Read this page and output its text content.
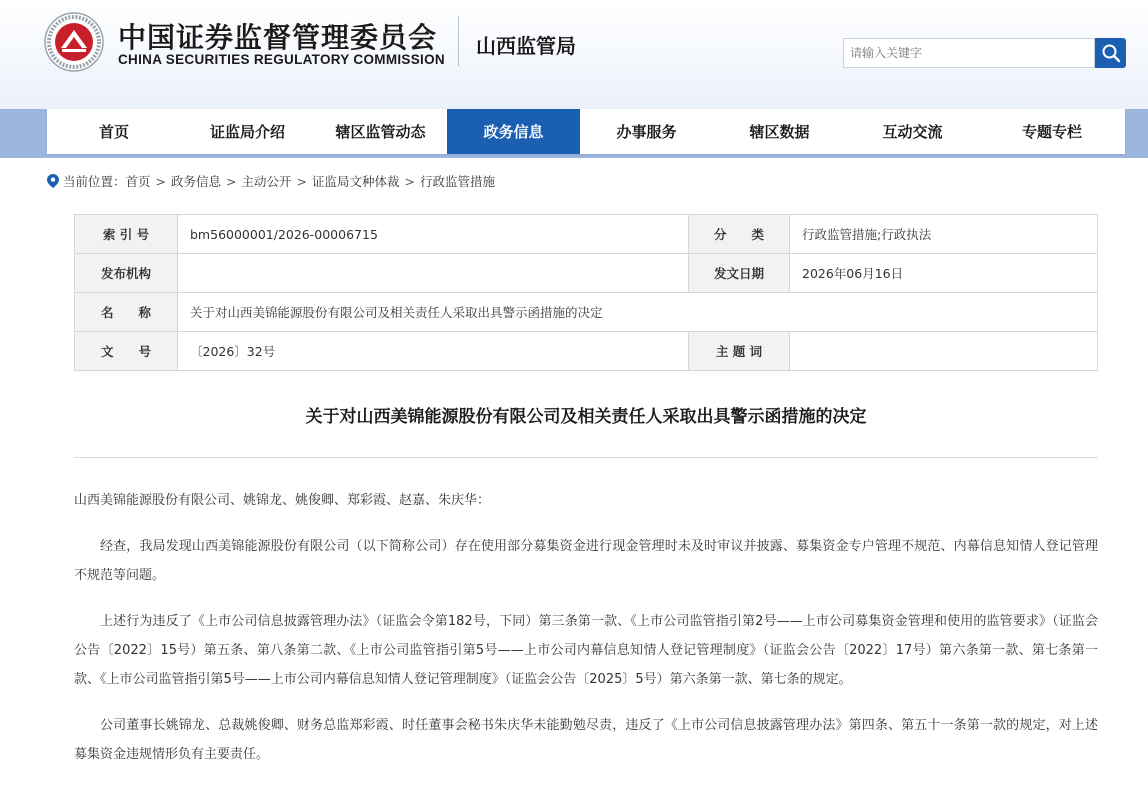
中国证券监督管理委员会
CHINA SECURITIES REGULATORY COMMISSION
山西监管局
请输入关键字
首页	证监局介绍	辖区监管动态	政务信息	办事服务	辖区数据	互动交流	专题专栏
当前位置： 首页 > 政务信息 > 主动公开 > 证监局文种体裁 > 行政监管措施
索 引 号	bm56000001/2026-00006715	分　　类	行政监管措施;行政执法
发布机构		发文日期	2026年06月16日
名　　称	关于对山西美锦能源股份有限公司及相关责任人采取出具警示函措施的决定		
文　　号	〔2026〕32号	主 题 词	
关于对山西美锦能源股份有限公司及相关责任人采取出具警示函措施的决定

山西美锦能源股份有限公司、姚锦龙、姚俊卿、郑彩霞、赵嘉、朱庆华：

经查，我局发现山西美锦能源股份有限公司（以下简称公司）存在使用部分募集资金进行现金管理时未及时审议并披露、募集资金专户管理不规范、内幕信息知情人登记管理不规范等问题。

上述行为违反了《上市公司信息披露管理办法》（证监会令第182号，下同）第三条第一款、《上市公司监管指引第2号——上市公司募集资金管理和使用的监管要求》（证监会公告〔2022〕15号）第五条、第八条第二款、《上市公司监管指引第5号——上市公司内幕信息知情人登记管理制度》（证监会公告〔2022〕17号）第六条第一款、第七条第一款、《上市公司监管指引第5号——上市公司内幕信息知情人登记管理制度》（证监会公告〔2025〕5号）第六条第一款、第七条的规定。

公司董事长姚锦龙、总裁姚俊卿、财务总监郑彩霞、时任董事会秘书朱庆华未能勤勉尽责，违反了《上市公司信息披露管理办法》第四条、第五十一条第一款的规定，对上述募集资金违规情形负有主要责任。
